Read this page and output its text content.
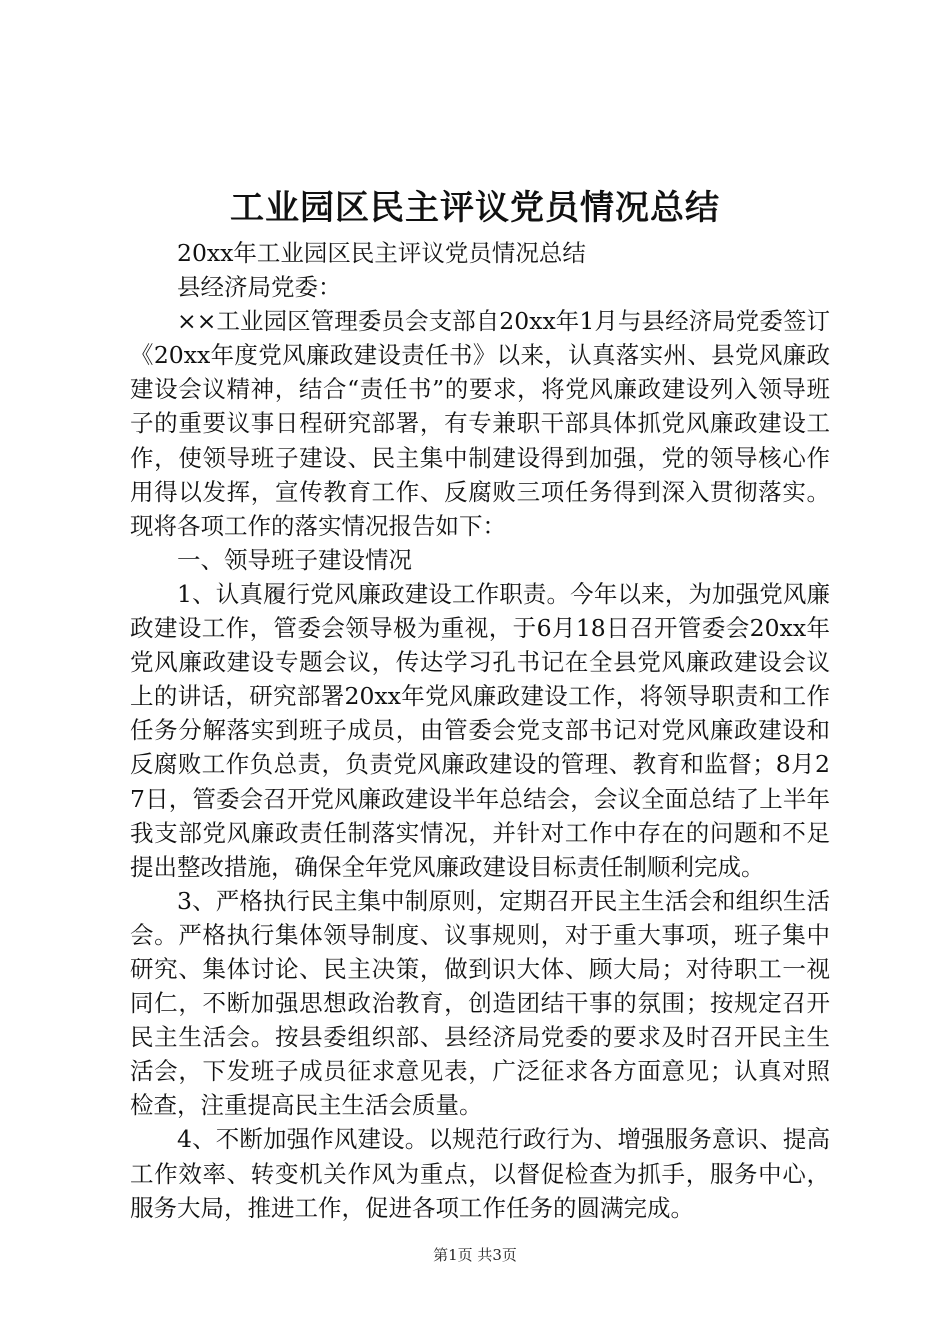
工业园区民主评议党员情况总结

20xx年工业园区民主评议党员情况总结

县经济局党委：

××工业园区管理委员会支部自20xx年1月与县经济局党委签订《20xx年度党风廉政建设责任书》以来，认真落实州、县党风廉政建设会议精神，结合“责任书”的要求，将党风廉政建设列入领导班子的重要议事日程研究部署，有专兼职干部具体抓党风廉政建设工作，使领导班子建设、民主集中制建设得到加强，党的领导核心作用得以发挥，宣传教育工作、反腐败三项任务得到深入贯彻落实。现将各项工作的落实情况报告如下：

一、领导班子建设情况

1、认真履行党风廉政建设工作职责。今年以来，为加强党风廉政建设工作，管委会领导极为重视，于6月18日召开管委会20xx年党风廉政建设专题会议，传达学习孔书记在全县党风廉政建设会议上的讲话，研究部署20xx年党风廉政建设工作，将领导职责和工作任务分解落实到班子成员，由管委会党支部书记对党风廉政建设和反腐败工作负总责，负责党风廉政建设的管理、教育和监督；8月27日，管委会召开党风廉政建设半年总结会，会议全面总结了上半年我支部党风廉政责任制落实情况，并针对工作中存在的问题和不足提出整改措施，确保全年党风廉政建设目标责任制顺利完成。

3、严格执行民主集中制原则，定期召开民主生活会和组织生活会。严格执行集体领导制度、议事规则，对于重大事项，班子集中研究、集体讨论、民主决策，做到识大体、顾大局；对待职工一视同仁，不断加强思想政治教育，创造团结干事的氛围；按规定召开民主生活会。按县委组织部、县经济局党委的要求及时召开民主生活会，下发班子成员征求意见表，广泛征求各方面意见；认真对照检查，注重提高民主生活会质量。

4、不断加强作风建设。以规范行政行为、增强服务意识、提高工作效率、转变机关作风为重点，以督促检查为抓手，服务中心，服务大局，推进工作，促进各项工作任务的圆满完成。

第1页 共3页
